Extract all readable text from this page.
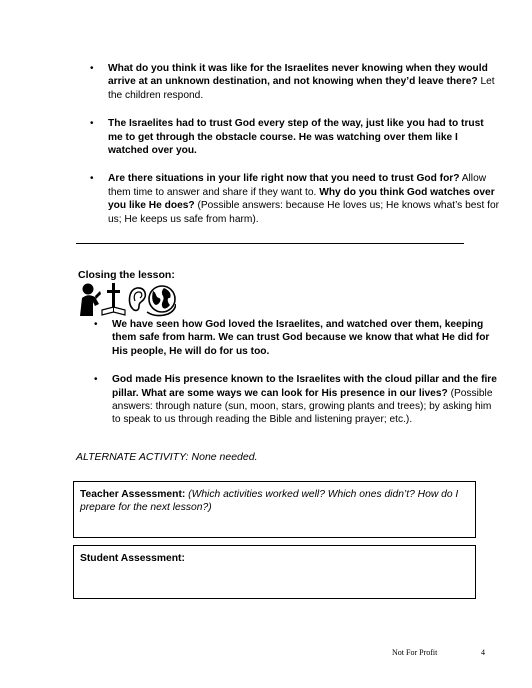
• What do you think it was like for the Israelites never knowing when they would arrive at an unknown destination, and not knowing when they’d leave there? Let the children respond.
• The Israelites had to trust God every step of the way, just like you had to trust me to get through the obstacle course. He was watching over them like I watched over you.
• Are there situations in your life right now that you need to trust God for? Allow them time to answer and share if they want to. Why do you think God watches over you like He does? (Possible answers: because He loves us; He knows what’s best for us; He keeps us safe from harm).
Closing the lesson:
• We have seen how God loved the Israelites, and watched over them, keeping them safe from harm. We can trust God because we know that what He did for His people, He will do for us too.
• God made His presence known to the Israelites with the cloud pillar and the fire pillar. What are some ways we can look for His presence in our lives? (Possible answers: through nature (sun, moon, stars, growing plants and trees); by asking him to speak to us through reading the Bible and listening prayer; etc.).
ALTERNATE ACTIVITY: None needed.
Teacher Assessment: (Which activities worked well? Which ones didn’t? How do I prepare for the next lesson?)
Student Assessment:
Not For Profit	4
